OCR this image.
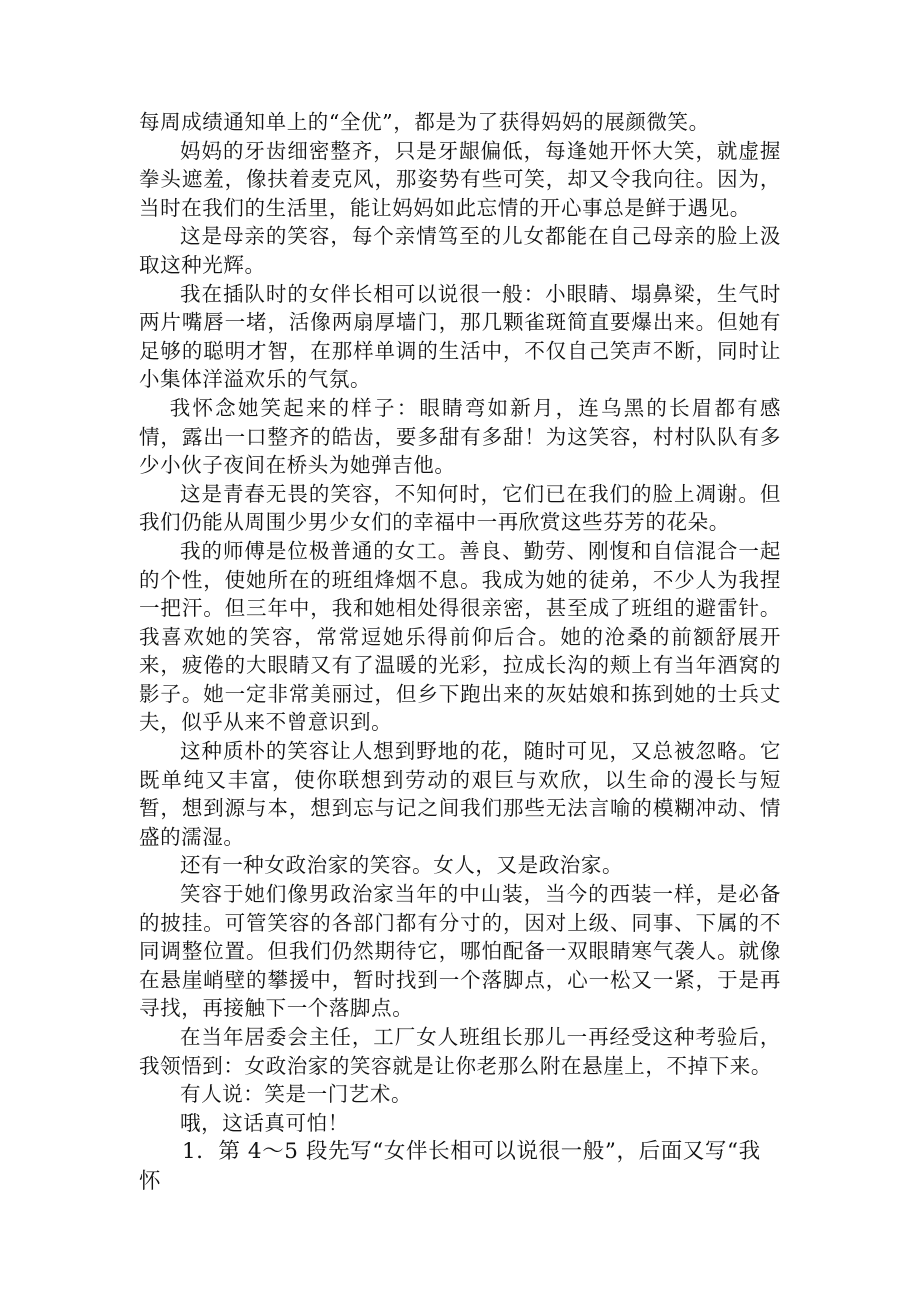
每周成绩通知单上的“全优”，都是为了获得妈妈的展颜微笑。

妈妈的牙齿细密整齐，只是牙龈偏低，每逢她开怀大笑，就虚握拳头遮羞，像扶着麦克风，那姿势有些可笑，却又令我向往。因为，当时在我们的生活里，能让妈妈如此忘情的开心事总是鲜于遇见。

这是母亲的笑容，每个亲情笃至的儿女都能在自己母亲的脸上汲取这种光辉。

我在插队时的女伴长相可以说很一般：小眼睛、塌鼻梁，生气时两片嘴唇一堵，活像两扇厚墙门，那几颗雀斑简直要爆出来。但她有足够的聪明才智，在那样单调的生活中，不仅自己笑声不断，同时让小集体洋溢欢乐的气氛。

我怀念她笑起来的样子：眼睛弯如新月，连乌黑的长眉都有感情，露出一口整齐的皓齿，要多甜有多甜！为这笑容，村村队队有多少小伙子夜间在桥头为她弹吉他。

这是青春无畏的笑容，不知何时，它们已在我们的脸上凋谢。但我们仍能从周围少男少女们的幸福中一再欣赏这些芬芳的花朵。

我的师傅是位极普通的女工。善良、勤劳、刚愎和自信混合一起的个性，使她所在的班组烽烟不息。我成为她的徒弟，不少人为我捏一把汗。但三年中，我和她相处得很亲密，甚至成了班组的避雷针。我喜欢她的笑容，常常逗她乐得前仰后合。她的沧桑的前额舒展开来，疲倦的大眼睛又有了温暖的光彩，拉成长沟的颊上有当年酒窝的影子。她一定非常美丽过，但乡下跑出来的灰姑娘和拣到她的士兵丈夫，似乎从来不曾意识到。

这种质朴的笑容让人想到野地的花，随时可见，又总被忽略。它既单纯又丰富，使你联想到劳动的艰巨与欢欣，以生命的漫长与短暂，想到源与本，想到忘与记之间我们那些无法言喻的模糊冲动、情盛的濡湿。

还有一种女政治家的笑容。女人，又是政治家。

笑容于她们像男政治家当年的中山装，当今的西装一样，是必备的披挂。可管笑容的各部门都有分寸的，因对上级、同事、下属的不同调整位置。但我们仍然期待它，哪怕配备一双眼睛寒气袭人。就像在悬崖峭壁的攀援中，暂时找到一个落脚点，心一松又一紧，于是再寻找，再接触下一个落脚点。

在当年居委会主任，工厂女人班组长那儿一再经受这种考验后，我领悟到：女政治家的笑容就是让你老那么附在悬崖上，不掉下来。

有人说：笑是一门艺术。

哦，这话真可怕！

1．第 4～5 段先写“女伴长相可以说很一般”，后面又写“我怀
